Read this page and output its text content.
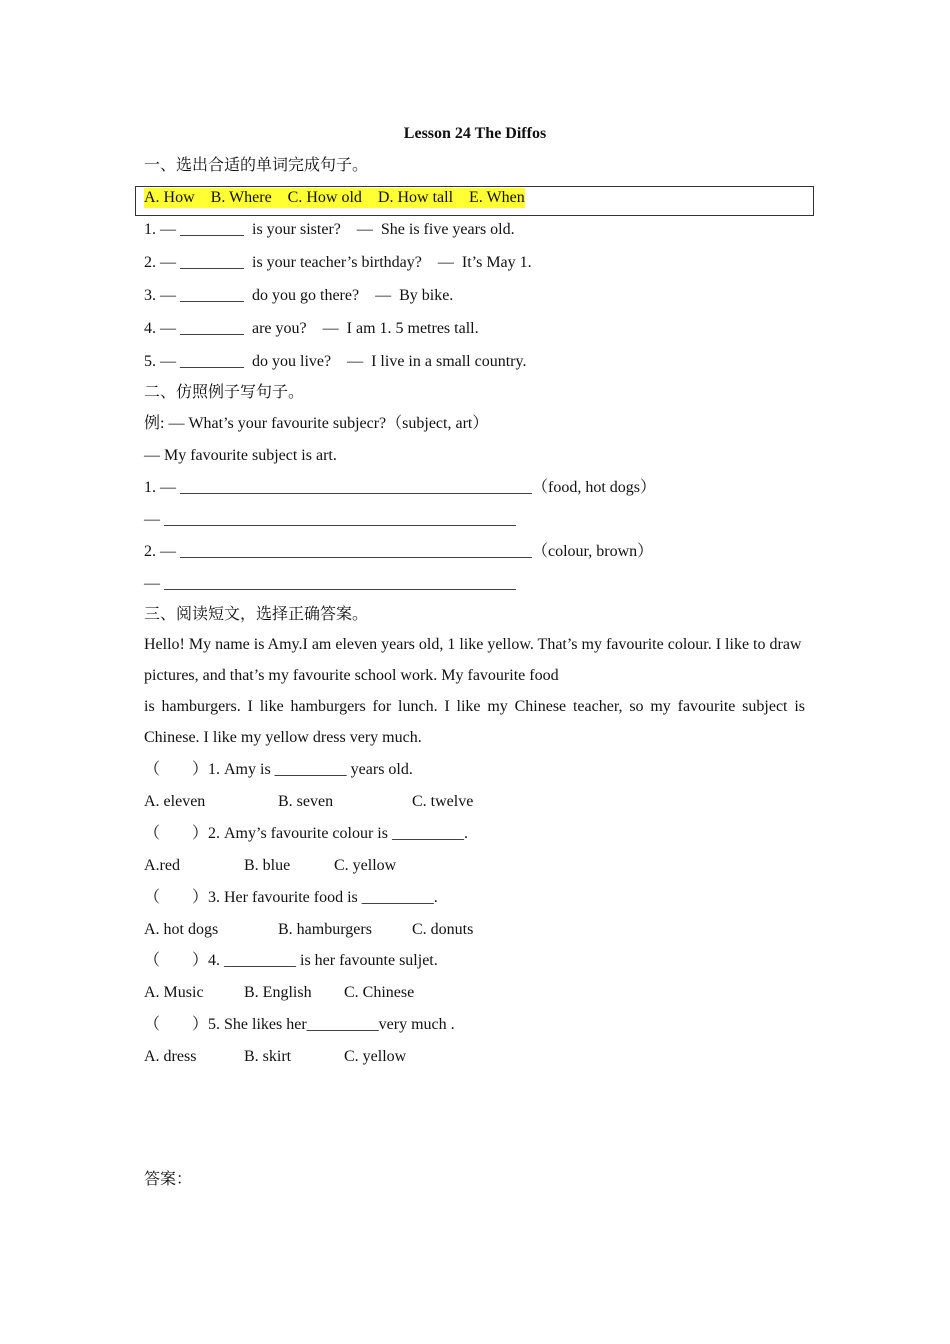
Lesson 24 The Diffos
一、选出合适的单词完成句子。
A. How    B. Where    C. How old    D. How tall    E. When
1. — ________  is your sister?    —  She is five years old.
2. — ________  is your teacher’s birthday?    —  It’s May 1.
3. — ________  do you go there?    —  By bike.
4. — ________  are you?    —  I am 1. 5 metres tall.
5. — ________  do you live?    —  I live in a small country.
二、仿照例子写句子。
例: — What’s your favourite subjecr?（subject, art）
— My favourite subject is art.
1. — ____________________________________________（food, hot dogs）
— ____________________________________________
2. — ____________________________________________（colour, brown）
— ____________________________________________
三、阅读短文，选择正确答案。
Hello! My name is Amy.I am eleven years old, 1 like yellow. That’s my favourite colour. I like to draw pictures, and that’s my favourite school work. My favourite food
is hamburgers. I like hamburgers for lunch. I like my Chinese teacher, so my favourite subject is Chinese. I like my yellow dress very much.
（        ）1. Amy is _________ years old.
A. eleven	B. seven	C. twelve
（        ）2. Amy’s favourite colour is _________.
A.red	B. blue	C. yellow
（        ）3. Her favourite food is _________.
A. hot dogs	B. hamburgers	C. donuts
（        ）4. _________ is her favounte suljet.
A. Music	B. English C. Chinese
（        ）5. She likes her_________very much .
A. dress	B. skirt	C. yellow
答案：
